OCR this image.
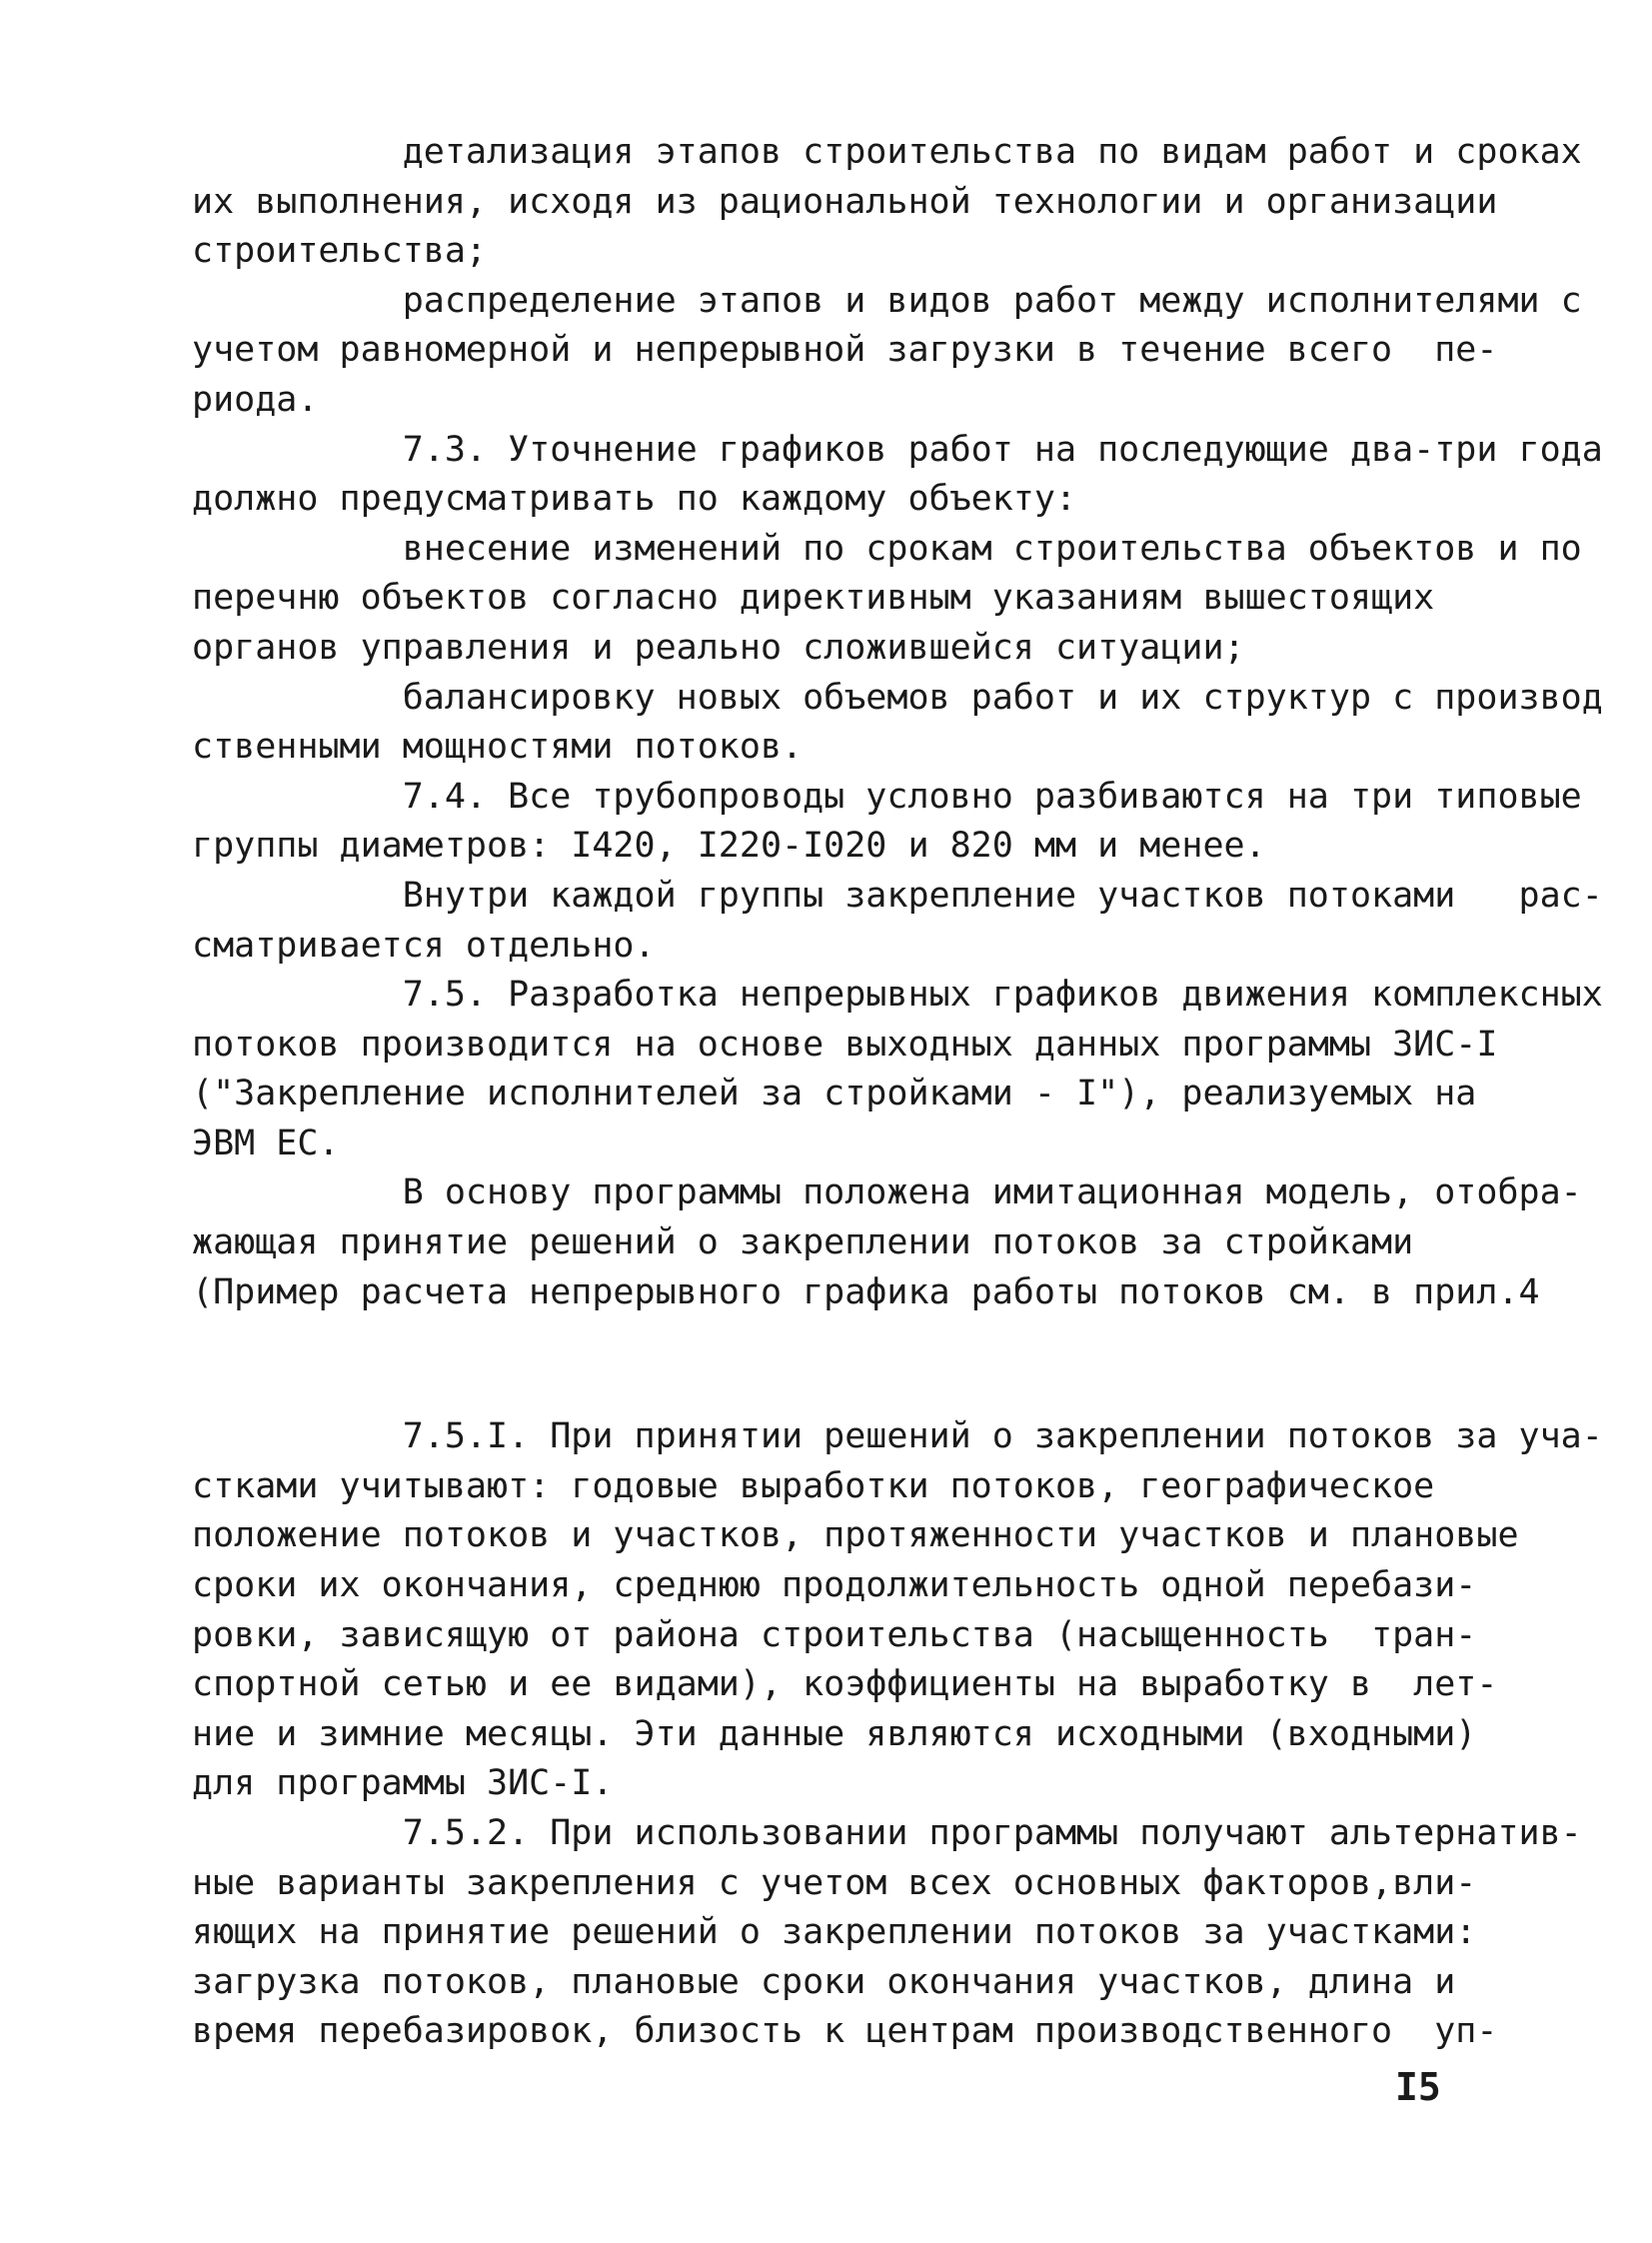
детализация этапов строительства по видам работ и сроках
их выполнения, исходя из рациональной технологии и организации
строительства;
распределение этапов и видов работ между исполнителями с
учетом равномерной и непрерывной загрузки в течение всего  пе-
риода.
7.3. Уточнение графиков работ на последующие два-три года
должно предусматривать по каждому объекту:
внесение изменений по срокам строительства объектов и по
перечню объектов согласно директивным указаниям вышестоящих
органов управления и реально сложившейся ситуации;
балансировку новых объемов работ и их структур с производ
ственными мощностями потоков.
7.4. Все трубопроводы условно разбиваются на три типовые
группы диаметров: I420, I220-I020 и 820 мм и менее.
Внутри каждой группы закрепление участков потоками   рас-
сматривается отдельно.
7.5. Разработка непрерывных графиков движения комплексных
потоков производится на основе выходных данных программы ЗИС-I
("Закрепление исполнителей за стройками - I"), реализуемых на
ЭВМ ЕС.
В основу программы положена имитационная модель, отобра-
жающая принятие решений о закреплении потоков за стройками
(Пример расчета непрерывного графика работы потоков см. в прил.4
7.5.I. При принятии решений о закреплении потоков за уча-
стками учитывают: годовые выработки потоков, географическое
положение потоков и участков, протяженности участков и плановые
сроки их окончания, среднюю продолжительность одной перебази-
ровки, зависящую от района строительства (насыщенность  тран-
спортной сетью и ее видами), коэффициенты на выработку в  лет-
ние и зимние месяцы. Эти данные являются исходными (входными)
для программы ЗИС-I.
7.5.2. При использовании программы получают альтернатив-
ные варианты закрепления с учетом всех основных факторов,вли-
яющих на принятие решений о закреплении потоков за участками:
загрузка потоков, плановые сроки окончания участков, длина и
время перебазировок, близость к центрам производственного  уп-
I5
